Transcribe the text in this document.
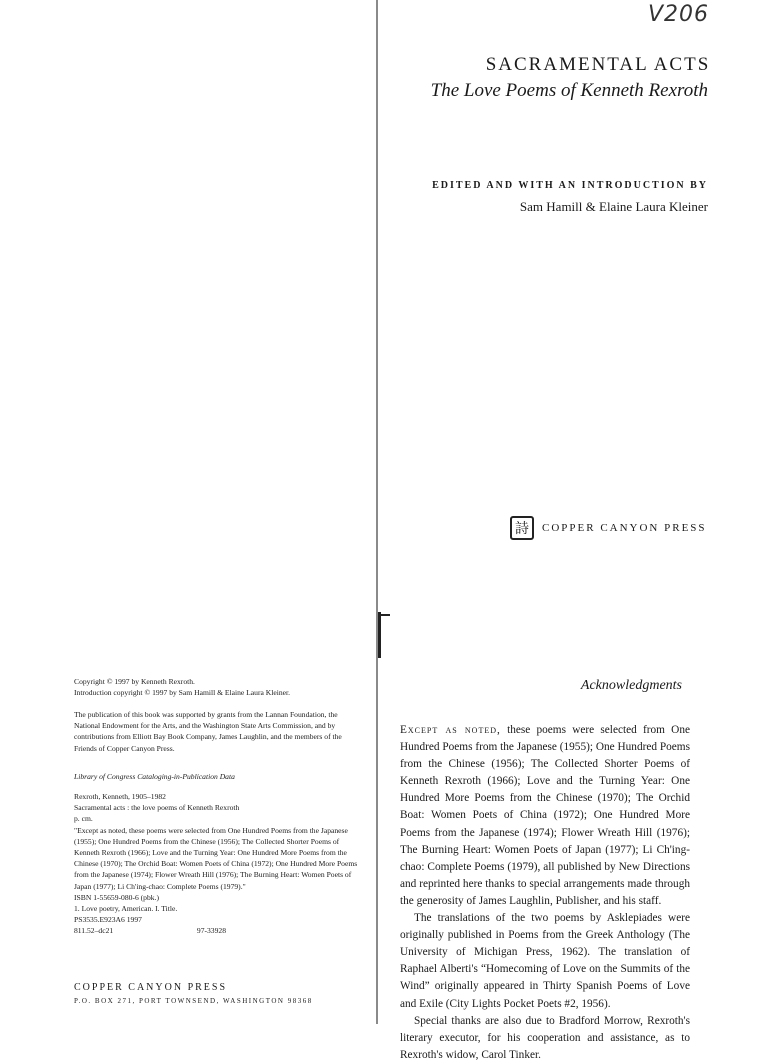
Copyright © 1997 by Kenneth Rexroth.

Introduction copyright © 1997 by Sam Hamill & Elaine Laura Kleiner.

The publication of this book was supported by grants from the Lannan Foundation, the National Endowment for the Arts, and the Washington State Arts Commission, and by contributions from Elliott Bay Book Company, James Laughlin, and the members of the Friends of Copper Canyon Press.

Library of Congress Cataloging-in-Publication Data

Rexroth, Kenneth, 1905–1982

Sacramental acts : the love poems of Kenneth Rexroth

p. cm.

"Except as noted, these poems were selected from One Hundred Poems from the Japanese (1955); One Hundred Poems from the Chinese (1956); The Collected Shorter Poems of Kenneth Rexroth (1966); Love and the Turning Year: One Hundred More Poems from the Chinese (1970); The Orchid Boat: Women Poets of China (1972); One Hundred More Poems from the Japanese (1974); Flower Wreath Hill (1976); The Burning Heart: Women Poets of Japan (1977); Li Ch'ing-chao: Complete Poems (1979)."

ISBN 1-55659-080-6 (pbk.)

1. Love poetry, American. I. Title.

PS3535.E923A6 1997

811.52–dc21	97-33928
COPPER CANYON PRESS
P.O. BOX 271, PORT TOWNSEND, WASHINGTON 98368
V206
SACRAMENTAL ACTS
The Love Poems of Kenneth Rexroth
EDITED AND WITH AN INTRODUCTION BY
Sam Hamill & Elaine Laura Kleiner
詩	COPPER CANYON PRESS
Acknowledgments

Except as noted, these poems were selected from One Hundred Poems from the Japanese (1955); One Hundred Poems from the Chinese (1956); The Collected Shorter Poems of Kenneth Rexroth (1966); Love and the Turning Year: One Hundred More Poems from the Chinese (1970); The Orchid Boat: Women Poets of China (1972); One Hundred More Poems from the Japanese (1974); Flower Wreath Hill (1976); The Burning Heart: Women Poets of Japan (1977); Li Ch'ing-chao: Complete Poems (1979), all published by New Directions and reprinted here thanks to special arrangements made through the generosity of James Laughlin, Publisher, and his staff.

The translations of the two poems by Asklepiades were originally published in Poems from the Greek Anthology (The University of Michigan Press, 1962). The translation of Raphael Alberti's “Homecoming of Love on the Summits of the Wind” originally appeared in Thirty Spanish Poems of Love and Exile (City Lights Pocket Poets #2, 1956).

Special thanks are also due to Bradford Morrow, Rexroth's literary executor, for his cooperation and assistance, as to Rexroth's widow, Carol Tinker.
